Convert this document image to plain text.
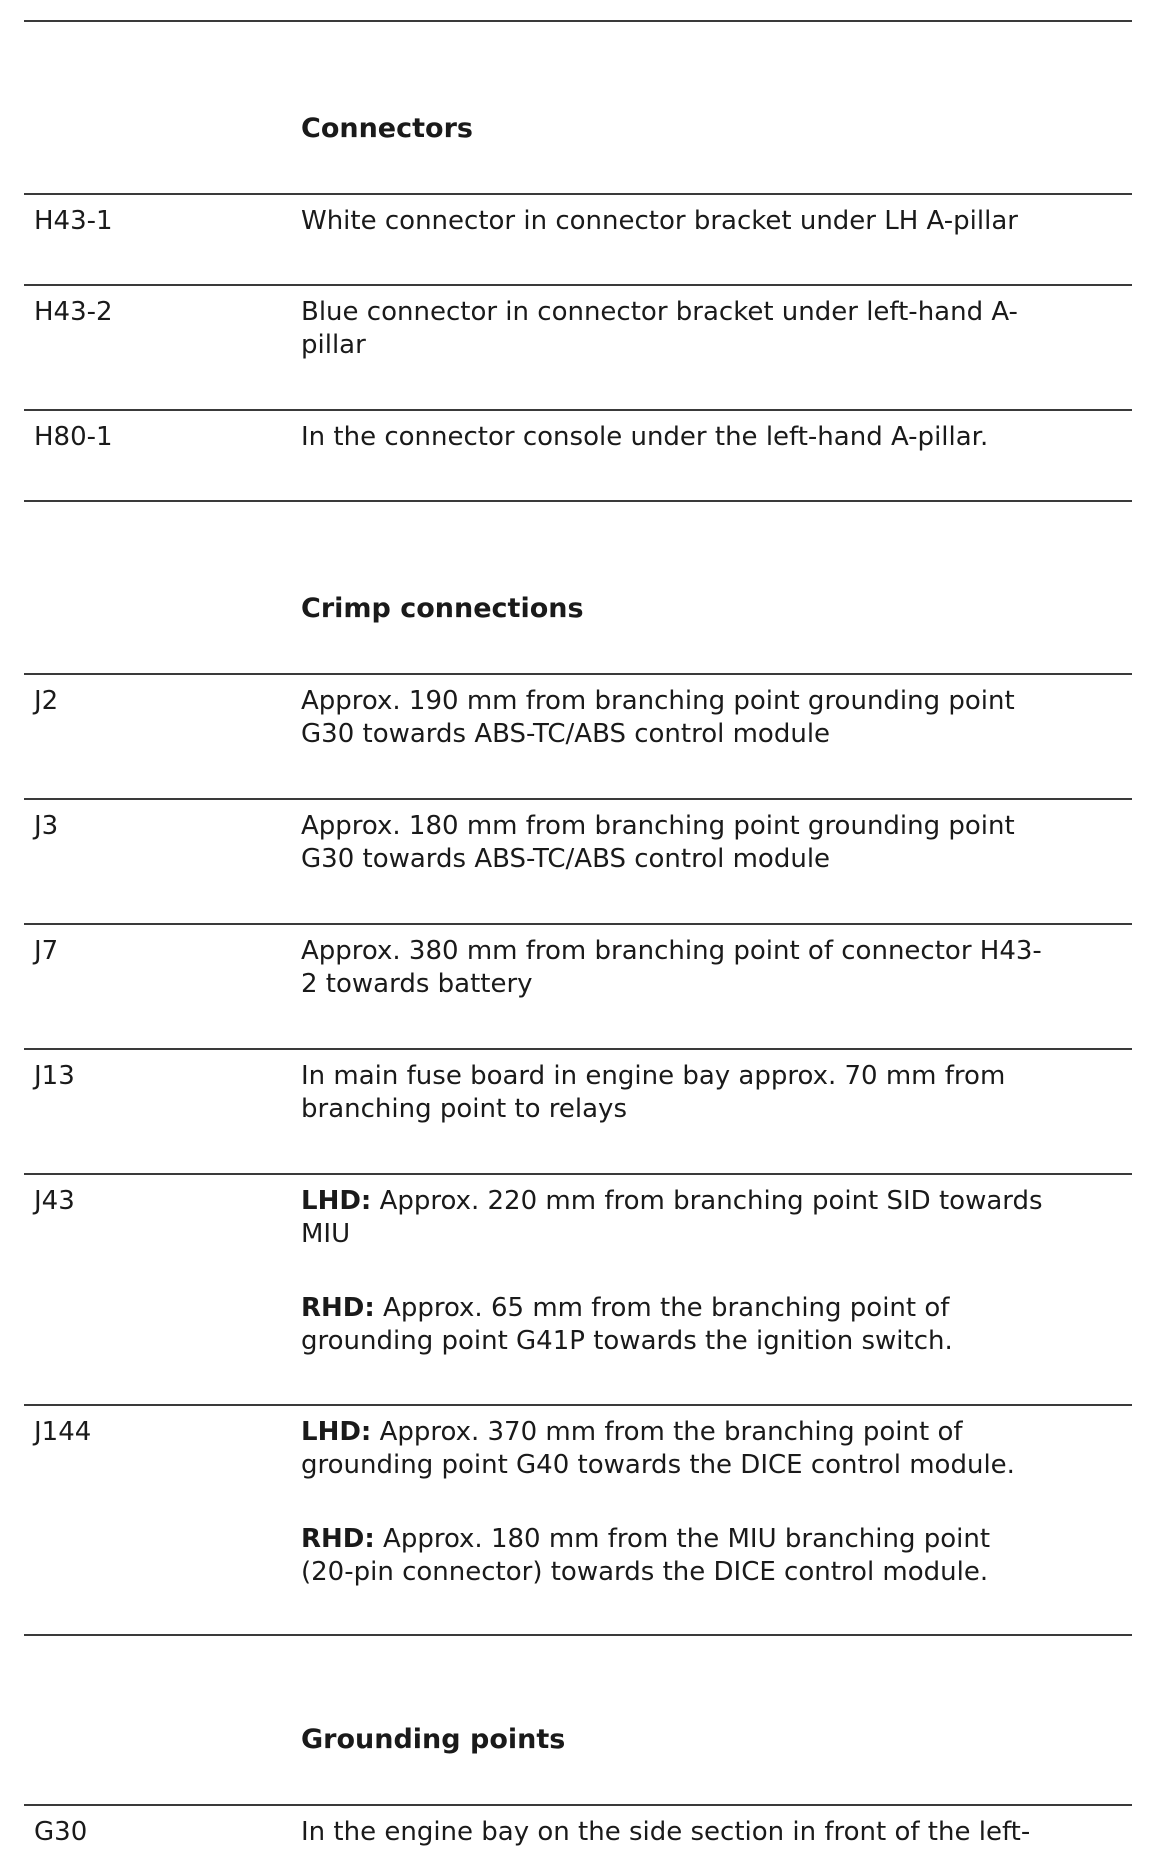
Connectors
H43-1	White connector in connector bracket under LH A-pillar
H43-2	Blue connector in connector bracket under left-hand A-
pillar
H80-1	In the connector console under the left-hand A-pillar.
Crimp connections
J2	Approx. 190 mm from branching point grounding point
G30 towards ABS-TC/ABS control module
J3	Approx. 180 mm from branching point grounding point
G30 towards ABS-TC/ABS control module
J7	Approx. 380 mm from branching point of connector H43-
2 towards battery
J13	In main fuse board in engine bay approx. 70 mm from
branching point to relays
J43	LHD: Approx. 220 mm from branching point SID towards
MIU
RHD: Approx. 65 mm from the branching point of
grounding point G41P towards the ignition switch.
J144	LHD: Approx. 370 mm from the branching point of
grounding point G40 towards the DICE control module.
RHD: Approx. 180 mm from the MIU branching point
(20-pin connector) towards the DICE control module.
Grounding points
G30	In the engine bay on the side section in front of the left-
